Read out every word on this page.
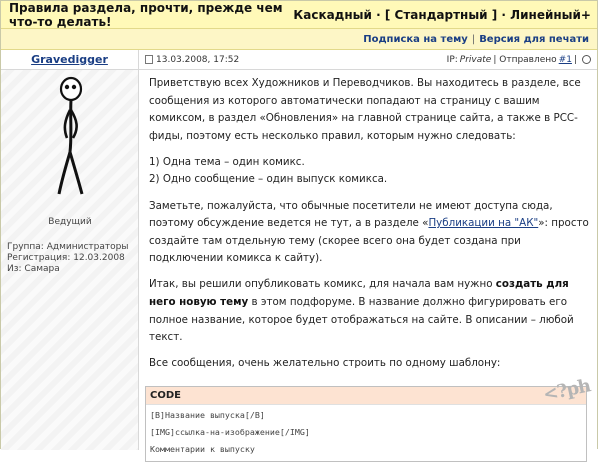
Правила раздела, прочти, прежде чем что-то делать!	Каскадный · [ Стандартный ] · Линейный+
Подписка на тему | Версия для печати
Gravedigger
Ведущий
Группа: Администраторы
Регистрация: 12.03.2008
Из: Самара
13.03.2008, 17:52	IP: Private | Отправлено #1 |

Приветствую всех Художников и Переводчиков. Вы находитесь в разделе, все сообщения из которого автоматически попадают на страницу с вашим комиксом, в раздел «Обновления» на главной странице сайта, а также в РСС-фиды, поэтому есть несколько правил, которым нужно следовать:

1) Одна тема – один комикс.

2) Одно сообщение – один выпуск комикса.

Заметьте, пожалуйста, что обычные посетители не имеют доступа сюда, поэтому обсуждение ведется не тут, а в разделе «Публикации на "АК"»: просто создайте там отдельную тему (скорее всего она будет создана при подключении комикса к сайту).

Итак, вы решили опубликовать комикс, для начала вам нужно создать для него новую тему в этом подфоруме. В название должно фигурировать его полное название, которое будет отображаться на сайте. В описании – любой текст.

Все сообщения, очень желательно строить по одному шаблону:

CODE	<?ph
[B]Название выпуска[/B]
[IMG]ссылка-на-изображение[/IMG]
Комментарии к выпуску
